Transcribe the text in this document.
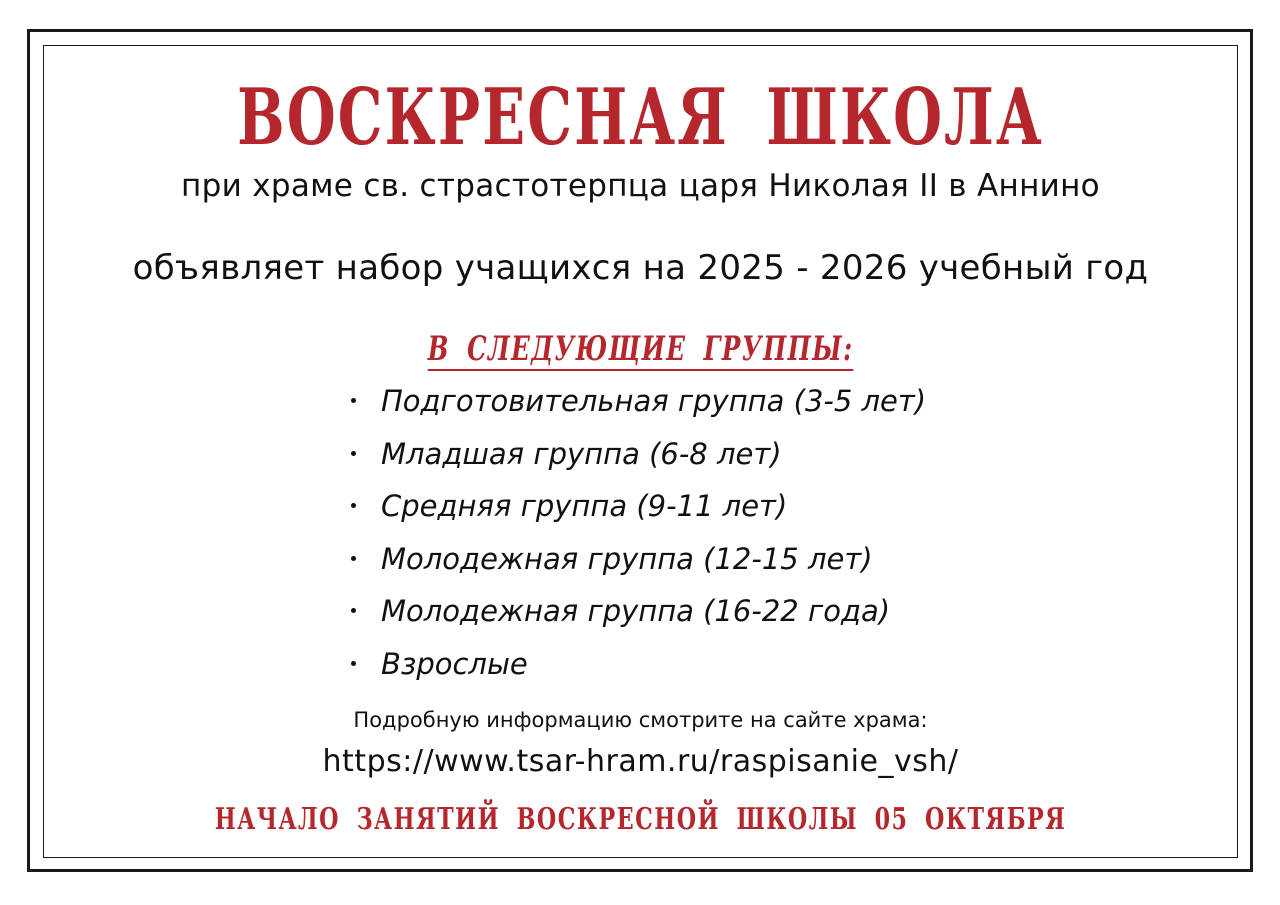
ВОСКРЕСНАЯ ШКОЛА
при храме св. страстотерпца царя Николая II в Аннино
объявляет набор учащихся на 2025 - 2026 учебный год
В СЛЕДУЮЩИЕ ГРУППЫ:
Подготовительная группа (3-5 лет)
Младшая группа (6-8 лет)
Средняя группа (9-11 лет)
Молодежная группа (12-15 лет)
Молодежная группа (16-22 года)
Взрослые
Подробную информацию смотрите на сайте храма:
https://www.tsar-hram.ru/raspisanie_vsh/
НАЧАЛО ЗАНЯТИЙ ВОСКРЕСНОЙ ШКОЛЫ 05 ОКТЯБРЯ
